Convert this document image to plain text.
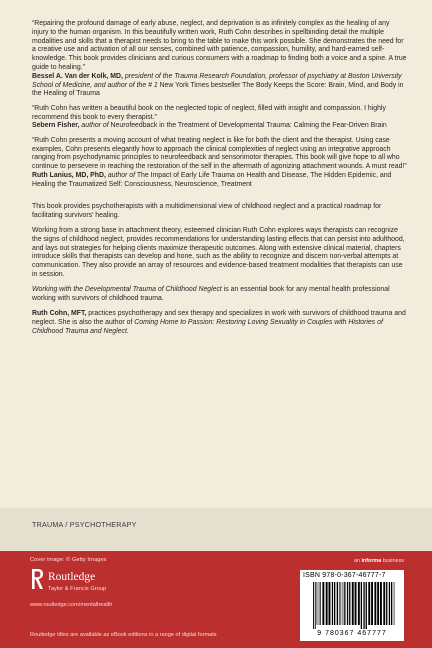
“Repairing the profound damage of early abuse, neglect, and deprivation is as infinitely complex as the healing of any injury to the human organism. In this beautifully written work, Ruth Cohn describes in spellbinding detail the multiple modalities and skills that a therapist needs to bring to the table to make this work possible. She demonstrates the need for a creative use and activation of all our senses, combined with patience, compassion, humility, and hard-earned self-knowledge. This book provides clinicians and curious consumers with a roadmap to finding both a voice and a spine. A true guide to healing.”
Bessel A. Van der Kolk, MD, president of the Trauma Research Foundation, professor of psychiatry at Boston University School of Medicine, and author of the # 1 New York Times bestseller The Body Keeps the Score: Brain, Mind, and Body in the Healing of Trauma
“Ruth Cohn has written a beautiful book on the neglected topic of neglect, filled with insight and compassion. I highly recommend this book to every therapist.”
Sebern Fisher, author of Neurofeedback in the Treatment of Developmental Trauma: Calming the Fear-Driven Brain
“Ruth Cohn presents a moving account of what treating neglect is like for both the client and the therapist. Using case examples, Cohn presents elegantly how to approach the clinical complexities of neglect using an integrative approach ranging from psychodynamic principles to neurofeedback and sensorimotor therapies. This book will give hope to all who continue to persevere in reaching the restoration of the self in the aftermath of agonizing attachment wounds. A must read!”
Ruth Lanius, MD, PhD, author of The Impact of Early Life Trauma on Health and Disease, The Hidden Epidemic, and Healing the Traumatized Self: Consciousness, Neuroscience, Treatment

This book provides psychotherapists with a multidimensional view of childhood neglect and a practical roadmap for facilitating survivors’ healing.

Working from a strong base in attachment theory, esteemed clinician Ruth Cohn explores ways therapists can recognize the signs of childhood neglect, provides recommendations for understanding lasting effects that can persist into adulthood, and lays out strategies for helping clients maximize therapeutic outcomes. Along with extensive clinical material, chapters introduce skills that therapists can develop and hone, such as the ability to recognize and discern non-verbal attempts at communication. They also provide an array of resources and evidence-based treatment modalities that therapists can use in session.

Working with the Developmental Trauma of Childhood Neglect is an essential book for any mental health professional working with survivors of childhood trauma.

Ruth Cohn, MFT, practices psychotherapy and sex therapy and specializes in work with survivors of childhood trauma and neglect. She is also the author of Coming Home to Passion: Restoring Loving Sexuality in Couples with Histories of Childhood Trauma and Neglect.

TRAUMA / PSYCHOTHERAPY
Cover image: © Getty Images
Routledge
Taylor & Francis Group
www.routledge.com/mentalhealth
Routledge titles are available as eBook editions in a range of digital formats
an informa business
ISBN 978-0-367-46777-7
9 780367 467777
